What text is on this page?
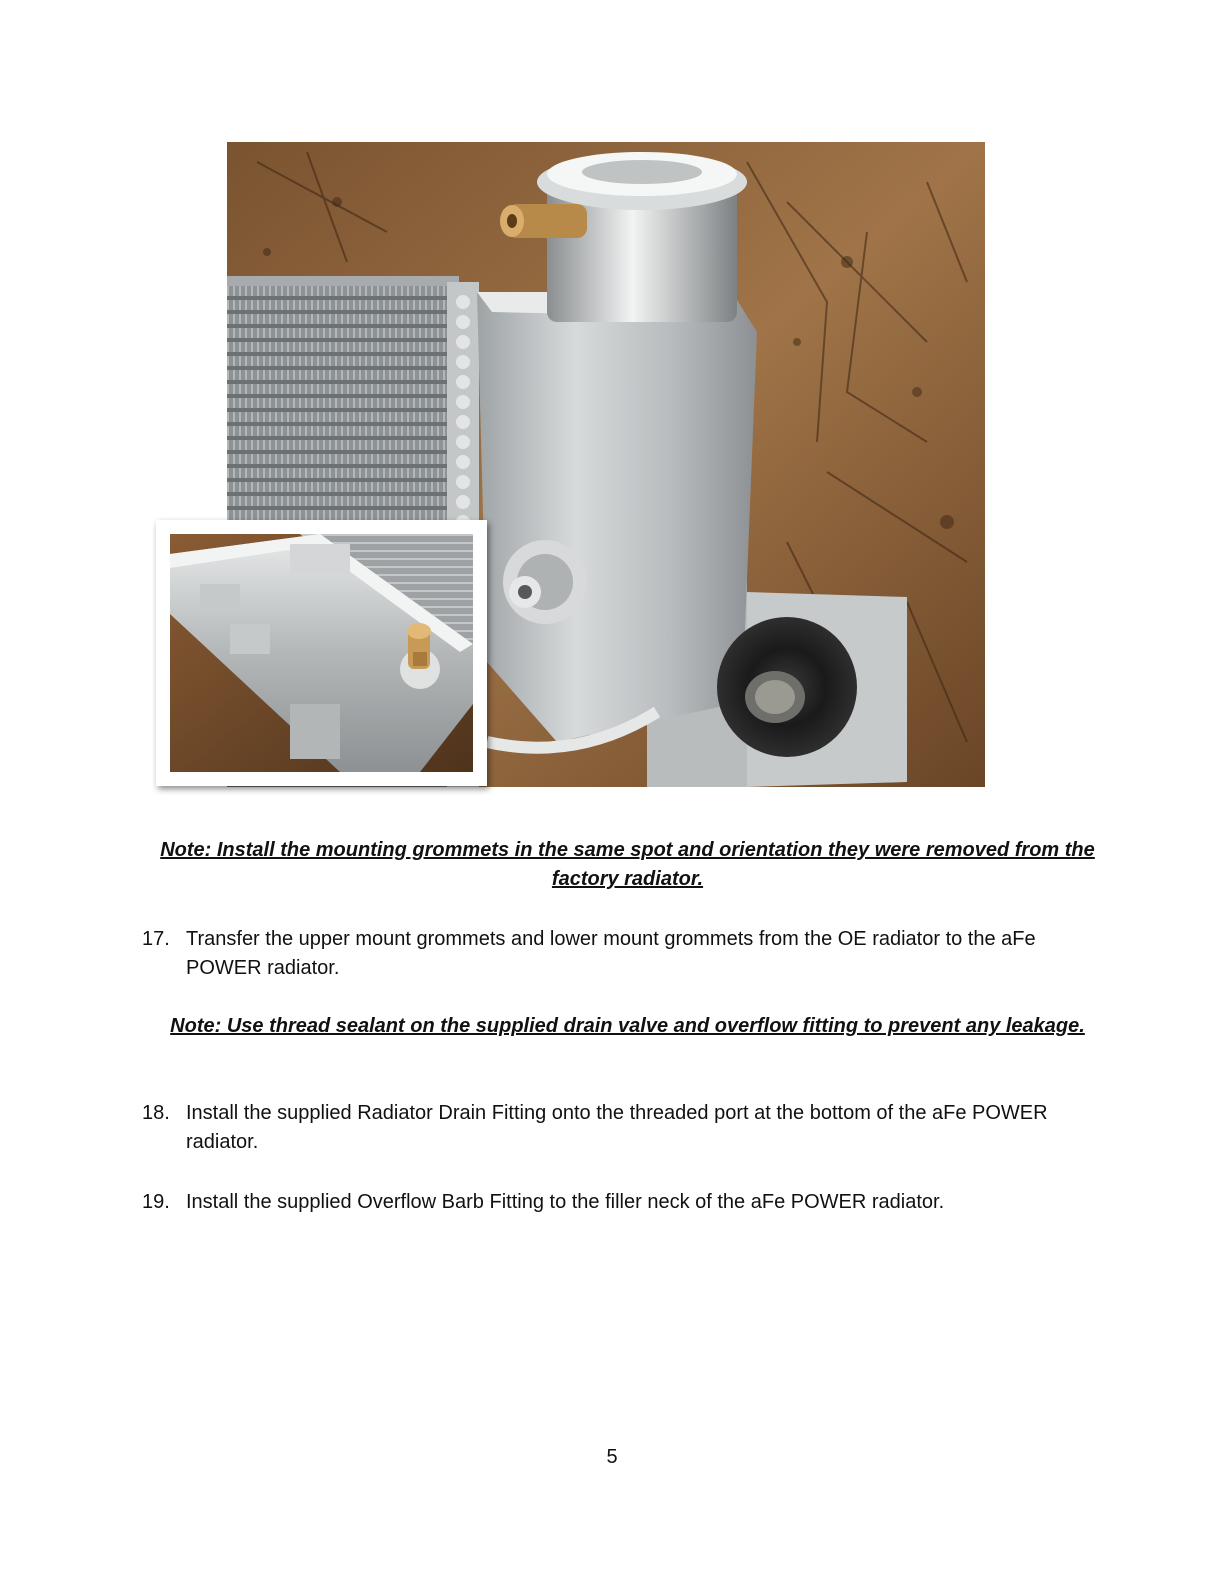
Note: Install the mounting grommets in the same spot and orientation they were removed from the factory radiator.
17. Transfer the upper mount grommets and lower mount grommets from the OE radiator to the aFe POWER radiator.
Note: Use thread sealant on the supplied drain valve and overflow fitting to prevent any leakage.
18. Install the supplied Radiator Drain Fitting onto the threaded port at the bottom of the aFe POWER radiator.
19. Install the supplied Overflow Barb Fitting to the filler neck of the aFe POWER radiator.
5
